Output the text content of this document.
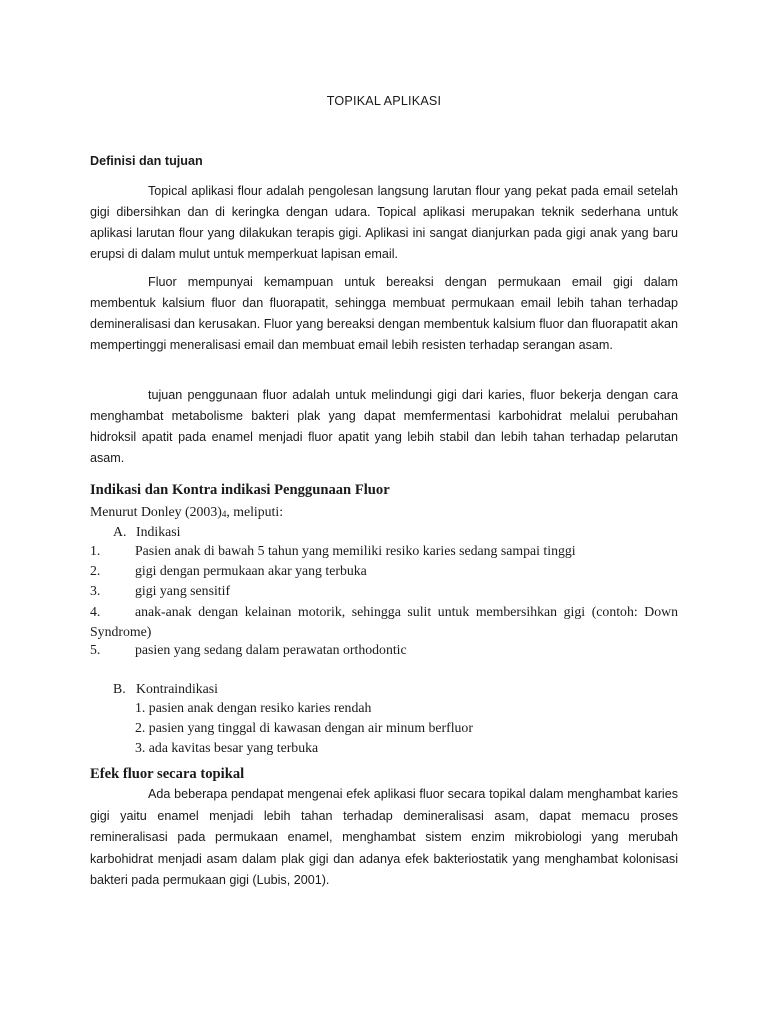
TOPIKAL APLIKASI
Definisi dan tujuan

Topical aplikasi flour adalah pengolesan langsung larutan flour yang pekat pada email setelah gigi dibersihkan dan di keringka dengan udara. Topical aplikasi merupakan teknik sederhana untuk aplikasi larutan flour yang dilakukan terapis gigi. Aplikasi ini sangat dianjurkan pada gigi anak yang baru erupsi di dalam mulut untuk memperkuat lapisan email.

Fluor mempunyai kemampuan untuk bereaksi dengan permukaan email gigi dalam membentuk kalsium fluor dan fluorapatit, sehingga membuat permukaan email lebih tahan terhadap demineralisasi dan kerusakan. Fluor yang bereaksi dengan membentuk kalsium fluor dan fluorapatit akan mempertinggi meneralisasi email dan membuat email lebih resisten terhadap serangan asam.

tujuan penggunaan fluor adalah untuk melindungi gigi dari karies, fluor bekerja dengan cara menghambat metabolisme bakteri plak yang dapat memfermentasi karbohidrat melalui perubahan hidroksil apatit pada enamel menjadi fluor apatit yang lebih stabil dan lebih tahan terhadap pelarutan asam.

Indikasi dan Kontra indikasi Penggunaan Fluor
Menurut Donley $(2003)_4$, meliputi:
A. Indikasi
1.	Pasien anak di bawah 5 tahun yang memiliki resiko karies sedang sampai tinggi
2.	gigi dengan permukaan akar yang terbuka
3.	gigi yang sensitif

4.	anak-anak dengan kelainan motorik, sehingga sulit untuk membersihkan gigi (contoh: Down Syndrome)

5.	pasien yang sedang dalam perawatan orthodontic
B. Kontraindikasi
1. pasien anak dengan resiko karies rendah
2. pasien yang tinggal di kawasan dengan air minum berfluor
3. ada kavitas besar yang terbuka
Efek fluor secara topikal

Ada beberapa pendapat mengenai efek aplikasi fluor secara topikal dalam menghambat karies gigi yaitu enamel menjadi lebih tahan terhadap demineralisasi asam, dapat memacu proses remineralisasi pada permukaan enamel, menghambat sistem enzim mikrobiologi yang merubah karbohidrat menjadi asam dalam plak gigi dan adanya efek bakteriostatik yang menghambat kolonisasi bakteri pada permukaan gigi (Lubis, 2001).
